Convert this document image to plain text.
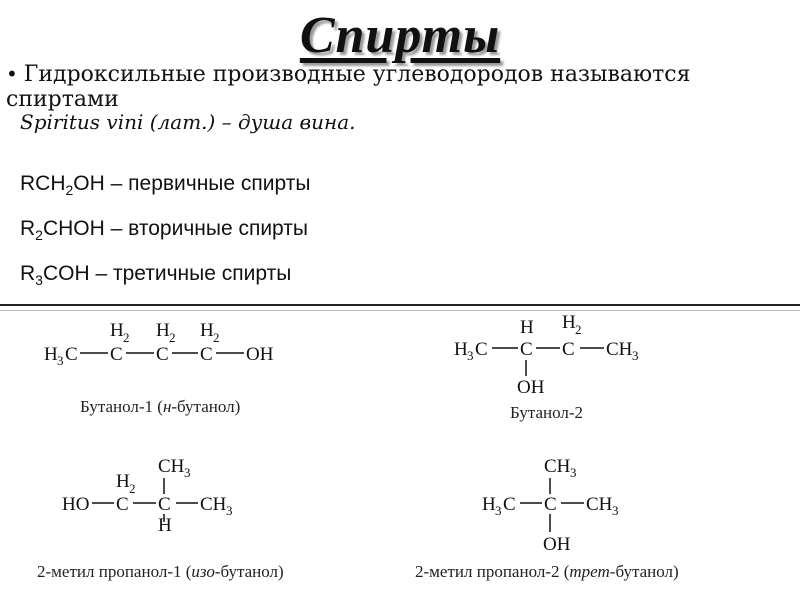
Спирты
• Гидроксильные производные углеводородов называются спиртами
Spiritus vini (лат.) – душа вина.
$RCH_2OH$ – первичные спирты
$R_2CHOH$ – вторичные спирты
$R_3COH$ – третичные спирты
H 3 C C
H 2
C
H 2
C
H 2
OH	H 3 C C
H
OH
C
H 2
CH 3
HO C
H 2
C
CH 3
H
CH 3	H 3 C C
CH 3
OH
CH 3
Бутанол-1 (н-бутанол)	Бутанол-2
2-метил пропанол-1 (изо-бутанол)	2-метил пропанол-2 (трет-бутанол)
